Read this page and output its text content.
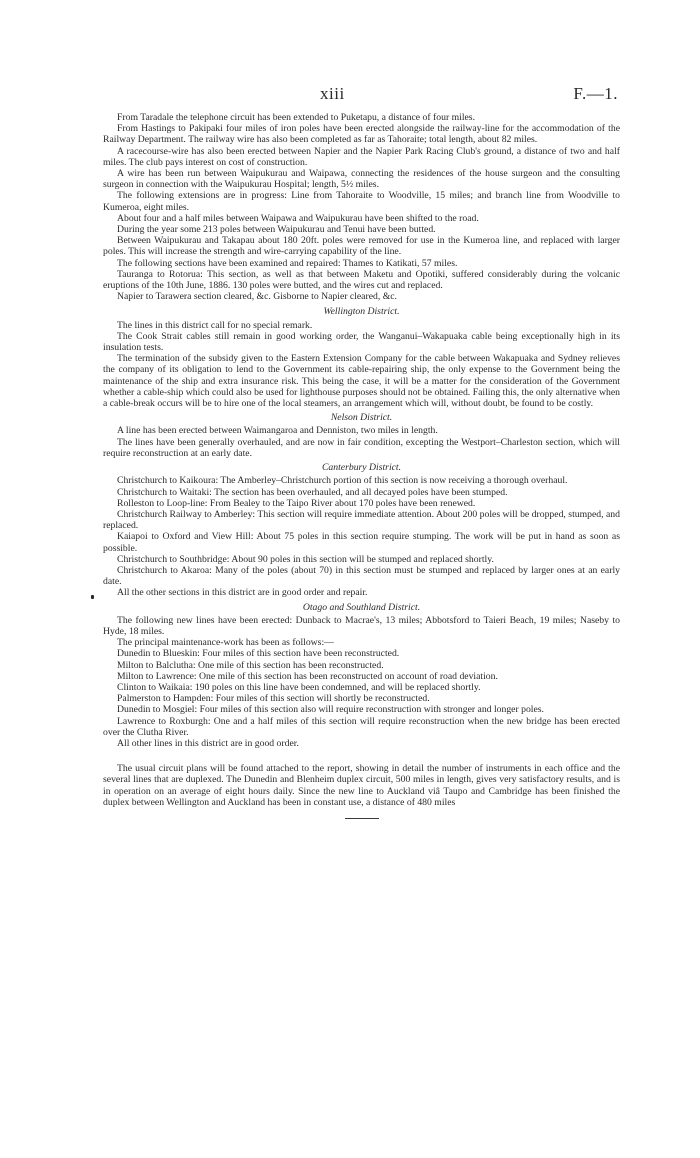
xiii	F.—1.

From Taradale the telephone circuit has been extended to Puketapu, a distance of four miles.

From Hastings to Pakipaki four miles of iron poles have been erected alongside the railway-line for the accommodation of the Railway Department. The railway wire has also been completed as far as Tahoraite; total length, about 82 miles.

A racecourse-wire has also been erected between Napier and the Napier Park Racing Club's ground, a distance of two and half miles. The club pays interest on cost of construction.

A wire has been run between Waipukurau and Waipawa, connecting the residences of the house surgeon and the consulting surgeon in connection with the Waipukurau Hospital; length, 5½ miles.

The following extensions are in progress: Line from Tahoraite to Woodville, 15 miles; and branch line from Woodville to Kumeroa, eight miles.

About four and a half miles between Waipawa and Waipukurau have been shifted to the road.

During the year some 213 poles between Waipukurau and Tenui have been butted.

Between Waipukurau and Takapau about 180 20ft. poles were removed for use in the Kumeroa line, and replaced with larger poles. This will increase the strength and wire-carrying capability of the line.

The following sections have been examined and repaired: Thames to Katikati, 57 miles.

Tauranga to Rotorua: This section, as well as that between Maketu and Opotiki, suffered considerably during the volcanic eruptions of the 10th June, 1886. 130 poles were butted, and the wires cut and replaced.

Napier to Tarawera section cleared, &c. Gisborne to Napier cleared, &c.

Wellington District.

The lines in this district call for no special remark.

The Cook Strait cables still remain in good working order, the Wanganui–Wakapuaka cable being exceptionally high in its insulation tests.

The termination of the subsidy given to the Eastern Extension Company for the cable between Wakapuaka and Sydney relieves the company of its obligation to lend to the Government its cable-repairing ship, the only expense to the Government being the maintenance of the ship and extra insurance risk. This being the case, it will be a matter for the consideration of the Government whether a cable-ship which could also be used for lighthouse purposes should not be obtained. Failing this, the only alternative when a cable-break occurs will be to hire one of the local steamers, an arrangement which will, without doubt, be found to be costly.

Nelson District.

A line has been erected between Waimangaroa and Denniston, two miles in length.

The lines have been generally overhauled, and are now in fair condition, excepting the Westport–Charleston section, which will require reconstruction at an early date.

Canterbury District.

Christchurch to Kaikoura: The Amberley–Christchurch portion of this section is now receiving a thorough overhaul.

Christchurch to Waitaki: The section has been overhauled, and all decayed poles have been stumped.

Rolleston to Loop-line: From Bealey to the Taipo River about 170 poles have been renewed.

Christchurch Railway to Amberley: This section will require immediate attention. About 200 poles will be dropped, stumped, and replaced.

Kaiapoi to Oxford and View Hill: About 75 poles in this section require stumping. The work will be put in hand as soon as possible.

Christchurch to Southbridge: About 90 poles in this section will be stumped and replaced shortly.

Christchurch to Akaroa: Many of the poles (about 70) in this section must be stumped and replaced by larger ones at an early date.

All the other sections in this district are in good order and repair.

Otago and Southland District.

The following new lines have been erected: Dunback to Macrae's, 13 miles; Abbotsford to Taieri Beach, 19 miles; Naseby to Hyde, 18 miles.

The principal maintenance-work has been as follows:—

Dunedin to Blueskin: Four miles of this section have been reconstructed.

Milton to Balclutha: One mile of this section has been reconstructed.

Milton to Lawrence: One mile of this section has been reconstructed on account of road deviation.

Clinton to Waikaia: 190 poles on this line have been condemned, and will be replaced shortly.

Palmerston to Hampden: Four miles of this section will shortly be reconstructed.

Dunedin to Mosgiel: Four miles of this section also will require reconstruction with stronger and longer poles.

Lawrence to Roxburgh: One and a half miles of this section will require reconstruction when the new bridge has been erected over the Clutha River.

All other lines in this district are in good order.

The usual circuit plans will be found attached to the report, showing in detail the number of instruments in each office and the several lines that are duplexed. The Dunedin and Blenheim duplex circuit, 500 miles in length, gives very satisfactory results, and is in operation on an average of eight hours daily. Since the new line to Auckland viâ Taupo and Cambridge has been finished the duplex between Wellington and Auckland has been in constant use, a distance of 480 miles
